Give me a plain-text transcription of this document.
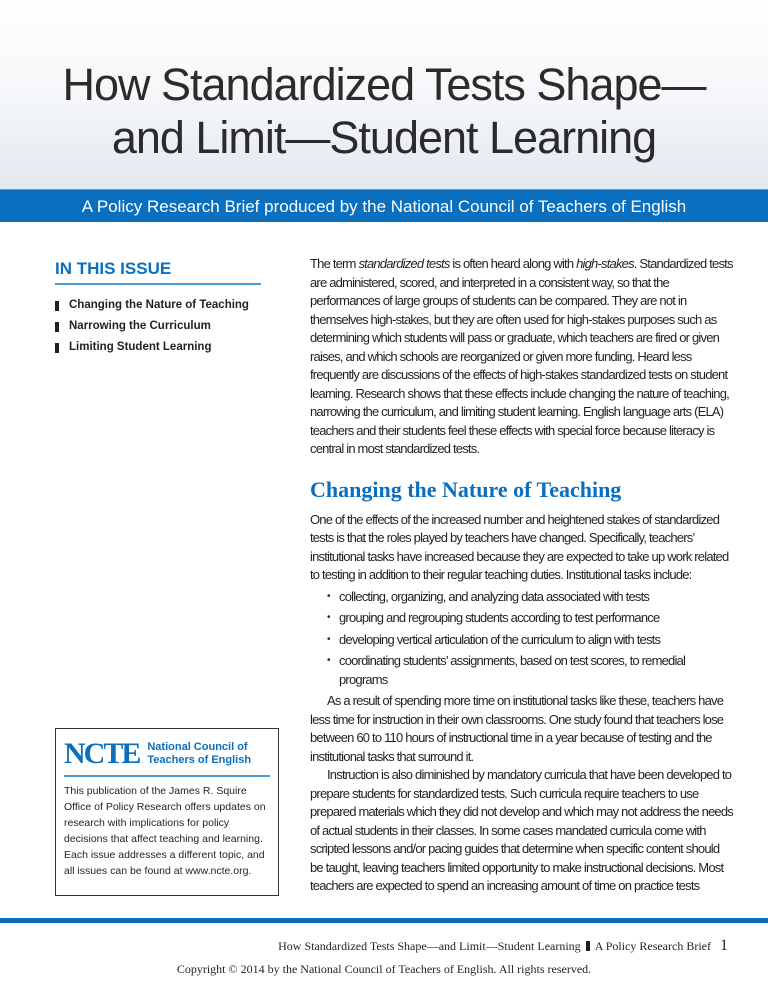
How Standardized Tests Shape—
and Limit—Student Learning
A Policy Research Brief produced by the National Council of Teachers of English
IN THIS ISSUE
Changing the Nature of Teaching
Narrowing the Curriculum
Limiting Student Learning
NCTE National Council of
Teachers of English

This publication of the James R. Squire Office of Policy Research offers updates on research with implications for policy decisions that affect teaching and learning. Each issue addresses a different topic, and all issues can be found at www.ncte.org.

The term standardized tests is often heard along with high-stakes. Standardized tests are administered, scored, and interpreted in a consistent way, so that the performances of large groups of students can be compared. They are not in themselves high-stakes, but they are often used for high-stakes purposes such as determining which students will pass or graduate, which teachers are fired or given raises, and which schools are reorganized or given more funding. Heard less frequently are discussions of the effects of high-stakes standardized tests on student learning. Research shows that these effects include changing the nature of teaching, narrowing the curriculum, and limiting student learning. English language arts (ELA) teachers and their students feel these effects with special force because literacy is central in most standardized tests.

Changing the Nature of Teaching

One of the effects of the increased number and heightened stakes of standardized tests is that the roles played by teachers have changed. Specifically, teachers’ institutional tasks have increased because they are expected to take up work related to testing in addition to their regular teaching duties. Institutional tasks include:

• collecting, organizing, and analyzing data associated with tests
• grouping and regrouping students according to test performance
• developing vertical articulation of the curriculum to align with tests
• coordinating students’ assignments, based on test scores, to remedial programs

As a result of spending more time on institutional tasks like these, teachers have less time for instruction in their own classrooms. One study found that teachers lose between 60 to 110 hours of instructional time in a year because of testing and the institutional tasks that surround it.

Instruction is also diminished by mandatory curricula that have been developed to prepare students for standardized tests. Such curricula require teachers to use prepared materials which they did not develop and which may not address the needs of actual students in their classes. In some cases mandated curricula come with scripted lessons and/or pacing guides that determine when specific content should be taught, leaving teachers limited opportunity to make instructional decisions. Most teachers are expected to spend an increasing amount of time on practice tests

How Standardized Tests Shape—and Limit—Student Learning A Policy Research Brief 1
Copyright © 2014 by the National Council of Teachers of English. All rights reserved.
